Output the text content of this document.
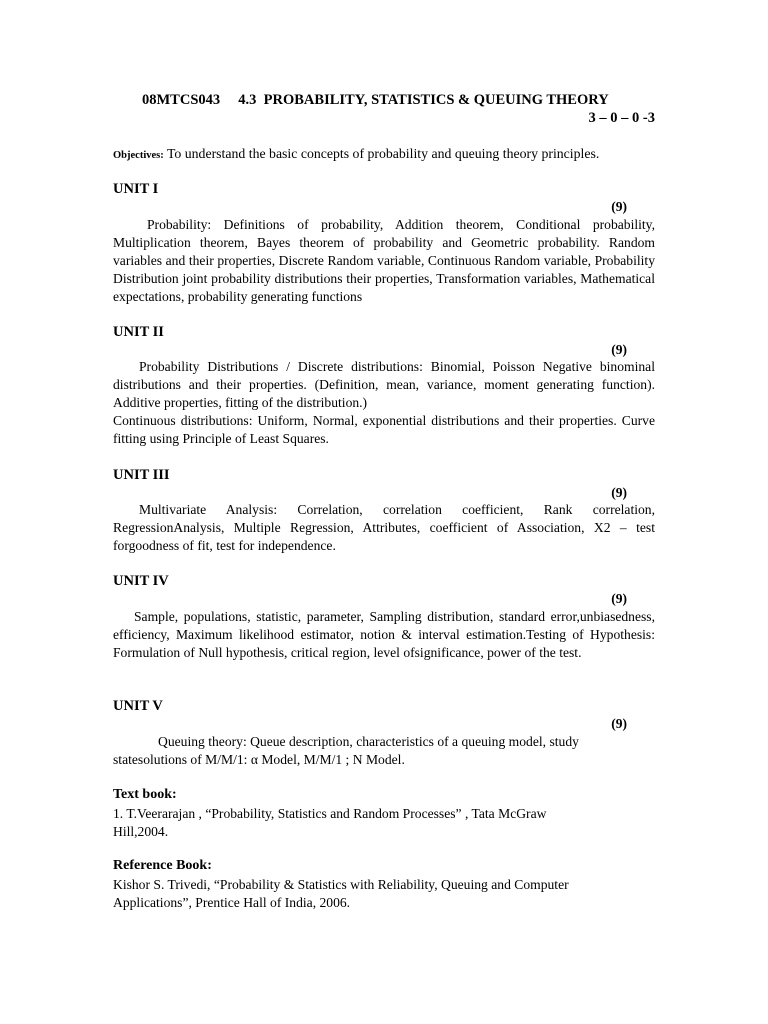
08MTCS043 4.3 PROBABILITY, STATISTICS & QUEUING THEORY
3 – 0 – 0 -3
Objectives: To understand the basic concepts of probability and queuing theory principles.
UNIT I
(9)

Probability: Definitions of probability, Addition theorem, Conditional probability, Multiplication theorem, Bayes theorem of probability and Geometric probability. Random variables and their properties, Discrete Random variable, Continuous Random variable, Probability Distribution joint probability distributions their properties, Transformation variables, Mathematical expectations, probability generating functions

UNIT II
(9)

Probability Distributions / Discrete distributions: Binomial, Poisson Negative binominal distributions and their properties. (Definition, mean, variance, moment generating function). Additive properties, fitting of the distribution.)

Continuous distributions: Uniform, Normal, exponential distributions and their properties. Curve fitting using Principle of Least Squares.

UNIT III
(9)

Multivariate Analysis: Correlation, correlation coefficient, Rank correlation, RegressionAnalysis, Multiple Regression, Attributes, coefficient of Association, X2 – test forgoodness of fit, test for independence.

UNIT IV
(9)

Sample, populations, statistic, parameter, Sampling distribution, standard error,unbiasedness, efficiency, Maximum likelihood estimator, notion & interval estimation.Testing of Hypothesis: Formulation of Null hypothesis, critical region, level ofsignificance, power of the test.

UNIT V
(9)

Queuing theory: Queue description, characteristics of a queuing model, study statesolutions of M/M/1: α Model, M/M/1 ; N Model.

Text book:
1. T.Veerarajan , “Probability, Statistics and Random Processes” , Tata McGraw
Hill,2004.
Reference Book:
Kishor S. Trivedi, “Probability & Statistics with Reliability, Queuing and Computer
Applications”, Prentice Hall of India, 2006.
